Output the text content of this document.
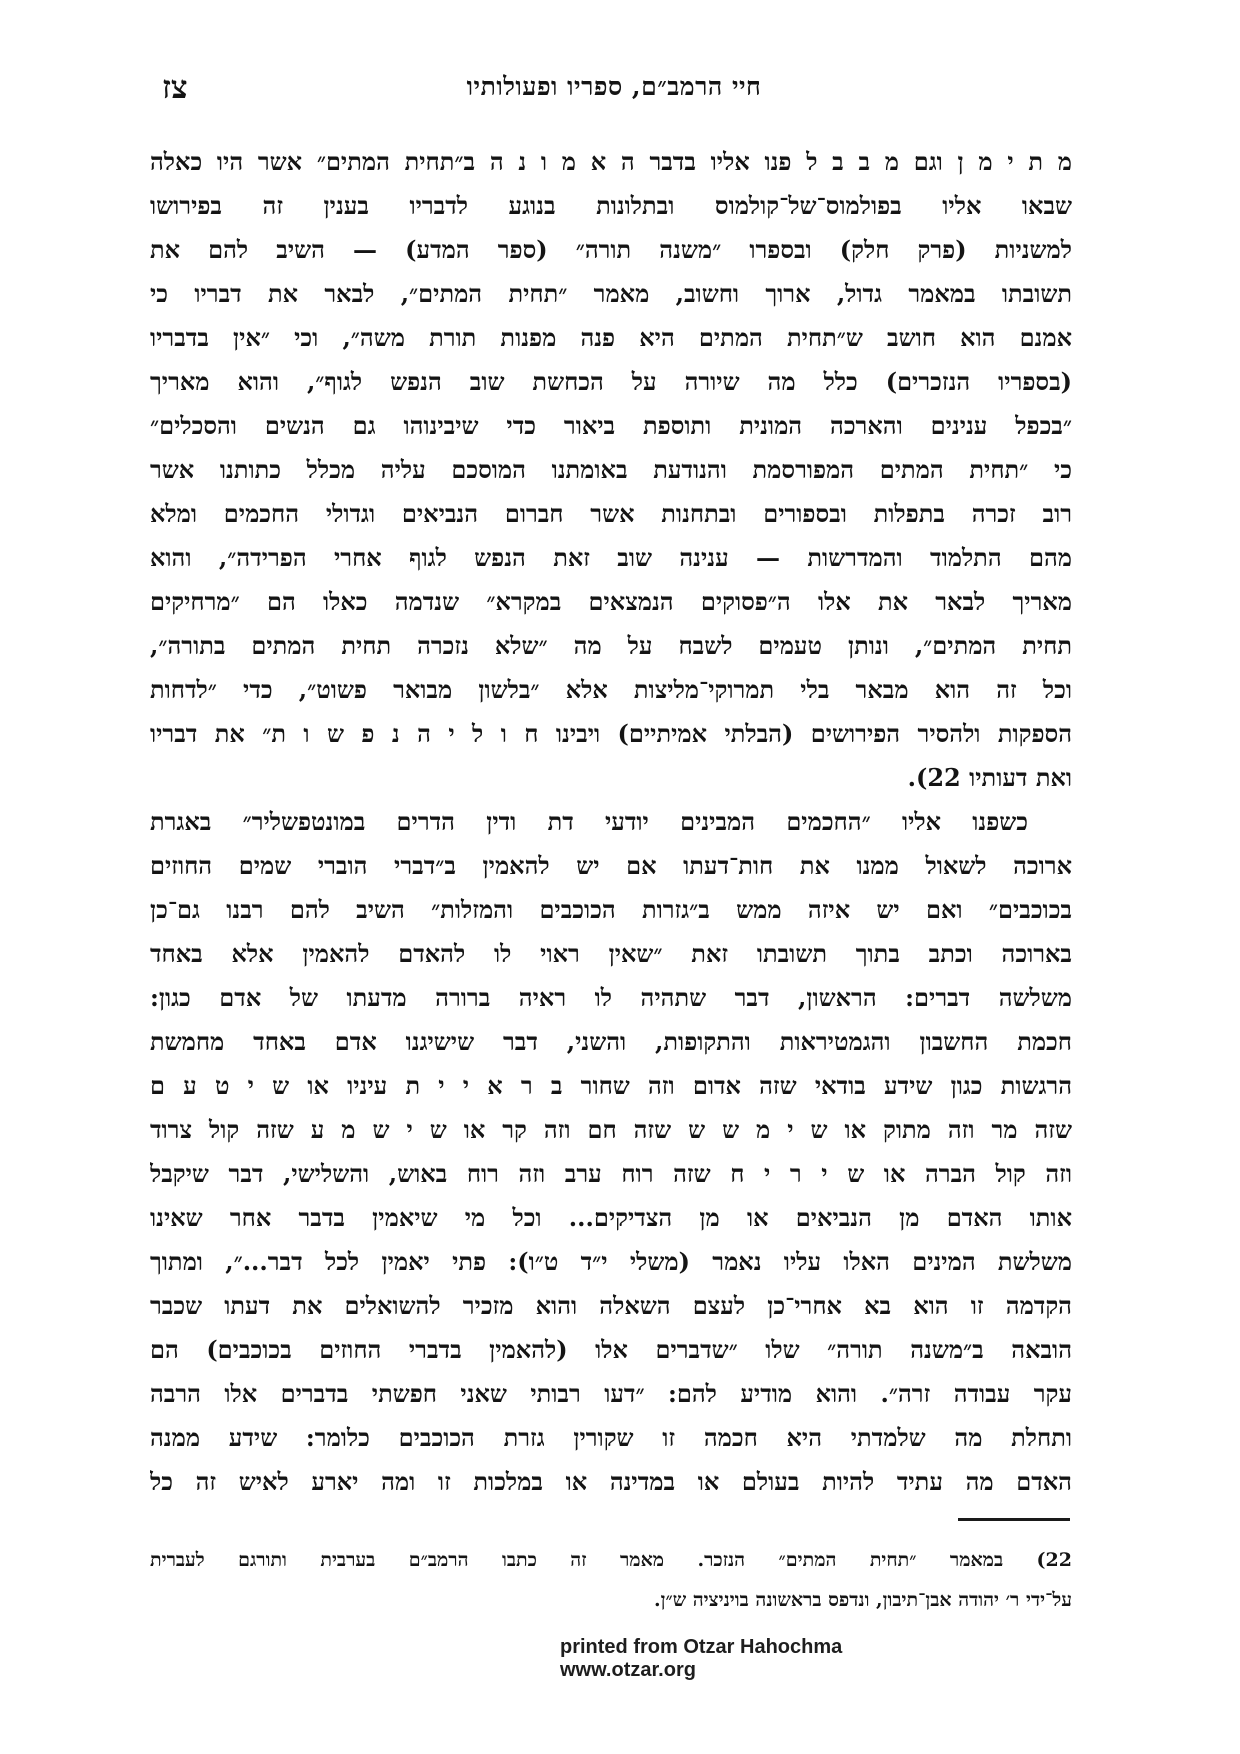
חיי הרמב״ם, ספריו ופעולותיו
צז
מ ת י מ ן וגם מ ב ב ל פנו אליו בדבר ה א מ ו נ ה ב״תחית המתים״ אשר היו כאלה
שבאו אליו בפולמוס־של־קולמוס ובתלונות בנוגע לדבריו בענין זה בפירושו
למשניות (פרק חלק) ובספרו ״משנה תורה״ (ספר המדע) — השיב להם את
תשובתו במאמר גדול, ארוך וחשוב, מאמר ״תחית המתים״, לבאר את דבריו כי
אמנם הוא חושב ש״תחית המתים היא פנה מפנות תורת משה״, וכי ״אין בדבריו
(בספריו הנזכרים) כלל מה שיורה על הכחשת שוב הנפש לגוף״, והוא מאריך
״בכפל ענינים והארכה המונית ותוספת ביאור כדי שיבינוהו גם הנשים והסכלים״
כי ״תחית המתים המפורסמת והנודעת באומתנו המוסכם עליה מכלל כתותנו אשר
רוב זכרה בתפלות ובספורים ובתחנות אשר חברום הנביאים וגדולי החכמים ומלא
מהם התלמוד והמדרשות — ענינה שוב זאת הנפש לגוף אחרי הפרידה״, והוא
מאריך לבאר את אלו ה״פסוקים הנמצאים במקרא״ שנדמה כאלו הם ״מרחיקים
תחית המתים״, ונותן טעמים לשבח על מה ״שלא נזכרה תחית המתים בתורה״,
וכל זה הוא מבאר בלי תמרוקי־מליצות אלא ״בלשון מבואר פשוט״, כדי ״לדחות
הספקות ולהסיר הפירושים (הבלתי אמיתיים) ויבינו ח ו ל י ה נ פ ש ו ת״ את דבריו
ואת דעותיו 22).
כשפנו אליו ״החכמים המבינים יודעי דת ודין הדרים במונטפשליר״ באגרת
ארוכה לשאול ממנו את חות־דעתו אם יש להאמין ב״דברי הוברי שמים החוזים
בכוכבים״ ואם יש איזה ממש ב״גזרות הכוכבים והמזלות״ השיב להם רבנו גם־כן
בארוכה וכתב בתוך תשובתו זאת ״שאין ראוי לו להאדם להאמין אלא באחד
משלשה דברים: הראשון, דבר שתהיה לו ראיה ברורה מדעתו של אדם כגון:
חכמת החשבון והגמטיראות והתקופות, והשני, דבר שישיגנו אדם באחד מחמשת
הרגשות כגון שידע בודאי שזה אדום וזה שחור ב ר א י י ת עיניו או ש י ט ע ם
שזה מר וזה מתוק או ש י מ ש ש שזה חם וזה קר או ש י ש מ ע שזה קול צרוד
וזה קול הברה או ש י ר י ח שזה רוח ערב וזה רוח באוש, והשלישי, דבר שיקבל
אותו האדם מן הנביאים או מן הצדיקים... וכל מי שיאמין בדבר אחר שאינו
משלשת המינים האלו עליו נאמר (משלי י״ד ט״ו): פתי יאמין לכל דבר...״, ומתוך
הקדמה זו הוא בא אחרי־כן לעצם השאלה והוא מזכיר להשואלים את דעתו שכבר
הובאה ב״משנה תורה״ שלו ״שדברים אלו (להאמין בדברי החוזים בכוכבים) הם
עקר עבודה זרה״. והוא מודיע להם: ״דעו רבותי שאני חפשתי בדברים אלו הרבה
ותחלת מה שלמדתי היא חכמה זו שקורין גזרת הכוכבים כלומר: שידע ממנה
האדם מה עתיד להיות בעולם או במדינה או במלכות זו ומה יארע לאיש זה כל
22) במאמר ״תחית המתים״ הנזכר. מאמר זה כתבו הרמב״ם בערבית ותורגם לעברית
על־ידי ר׳ יהודה אבן־תיבון, ונדפס בראשונה בויניציה ש״ן.
printed from Otzar Hahochma www.otzar.org
